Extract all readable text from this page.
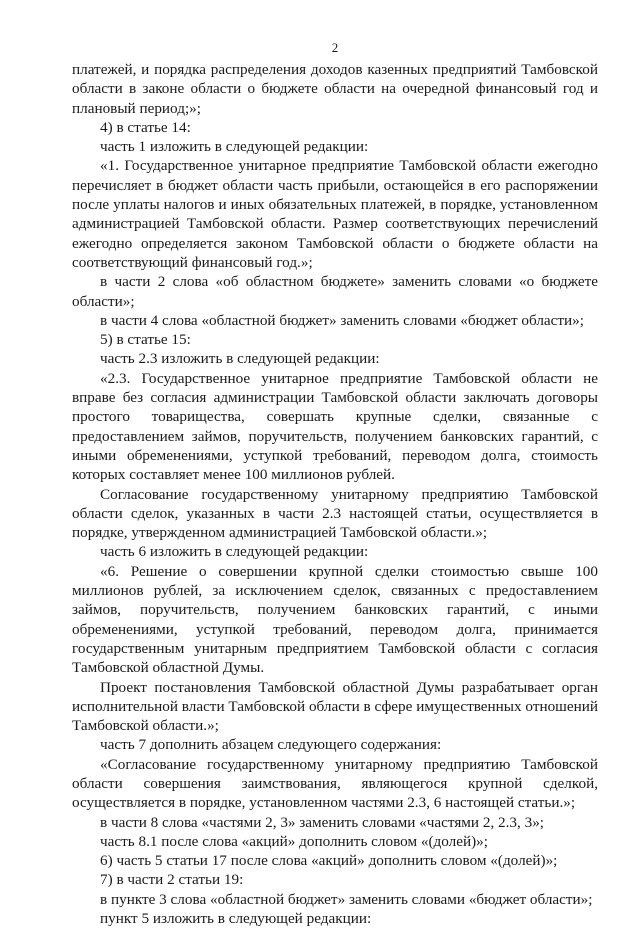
2

платежей, и порядка распределения доходов казенных предприятий Тамбовской области в законе области о бюджете области на очередной финансовый год и плановый период;»;

4) в статье 14:

часть 1 изложить в следующей редакции:

«1. Государственное унитарное предприятие Тамбовской области ежегодно перечисляет в бюджет области часть прибыли, остающейся в его распоряжении после уплаты налогов и иных обязательных платежей, в порядке, установленном администрацией Тамбовской области. Размер соответствующих перечислений ежегодно определяется законом Тамбовской области о бюджете области на соответствующий финансовый год.»;

в части 2 слова «об областном бюджете» заменить словами «о бюджете области»;

в части 4 слова «областной бюджет» заменить словами «бюджет области»;

5) в статье 15:

часть 2.3 изложить в следующей редакции:

«2.3. Государственное унитарное предприятие Тамбовской области не вправе без согласия администрации Тамбовской области заключать договоры простого товарищества, совершать крупные сделки, связанные с предоставлением займов, поручительств, получением банковских гарантий, с иными обременениями, уступкой требований, переводом долга, стоимость которых составляет менее 100 миллионов рублей.

Согласование государственному унитарному предприятию Тамбовской области сделок, указанных в части 2.3 настоящей статьи, осуществляется в порядке, утвержденном администрацией Тамбовской области.»;

часть 6 изложить в следующей редакции:

«6. Решение о совершении крупной сделки стоимостью свыше 100 миллионов рублей, за исключением сделок, связанных с предоставлением займов, поручительств, получением банковских гарантий, с иными обременениями, уступкой требований, переводом долга, принимается государственным унитарным предприятием Тамбовской области с согласия Тамбовской областной Думы.

Проект постановления Тамбовской областной Думы разрабатывает орган исполнительной власти Тамбовской области в сфере имущественных отношений Тамбовской области.»;

часть 7 дополнить абзацем следующего содержания:

«Согласование государственному унитарному предприятию Тамбовской области совершения заимствования, являющегося крупной сделкой, осуществляется в порядке, установленном частями 2.3, 6 настоящей статьи.»;

в части 8 слова «частями 2, 3» заменить словами «частями 2, 2.3, 3»;

часть 8.1 после слова «акций» дополнить словом «(долей)»;

6) часть 5 статьи 17 после слова «акций» дополнить словом «(долей)»;

7) в части 2 статьи 19:

в пункте 3 слова «областной бюджет» заменить словами «бюджет области»;

пункт 5 изложить в следующей редакции:
